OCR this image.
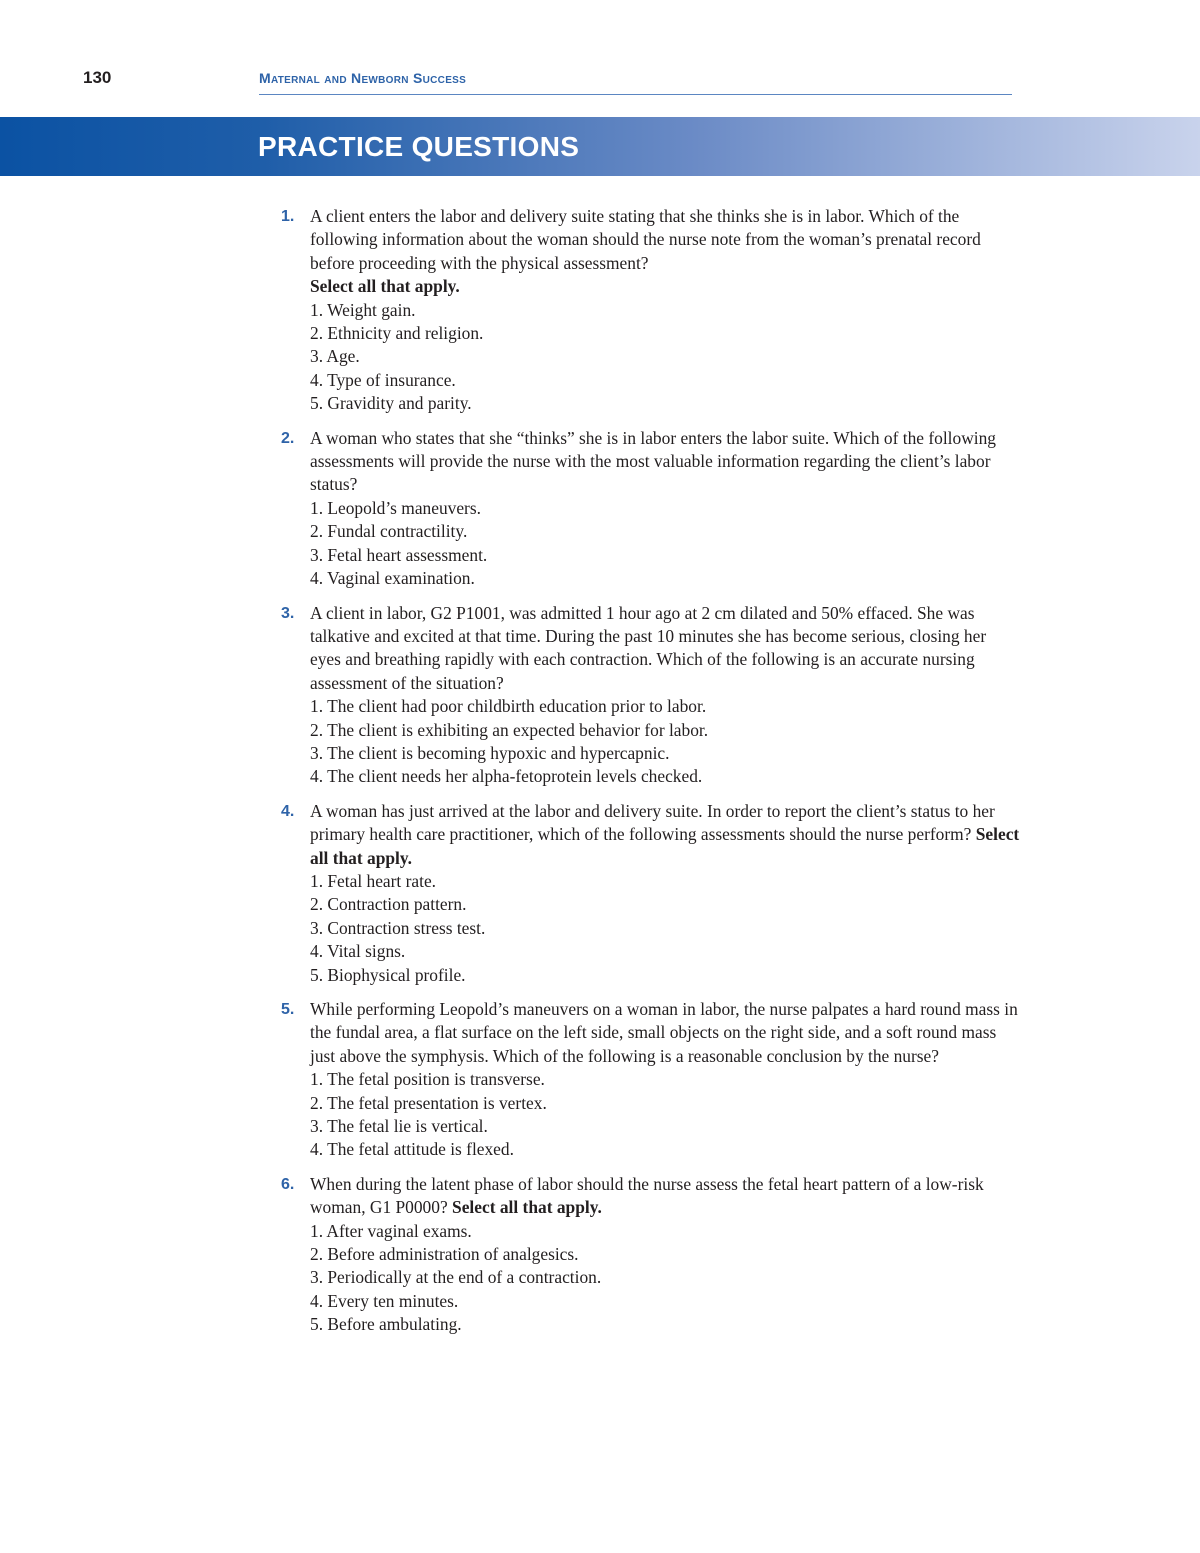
130	Maternal and Newborn Success
PRACTICE QUESTIONS
1. A client enters the labor and delivery suite stating that she thinks she is in labor. Which of the following information about the woman should the nurse note from the woman’s prenatal record before proceeding with the physical assessment?
Select all that apply.
1. Weight gain.
2. Ethnicity and religion.
3. Age.
4. Type of insurance.
5. Gravidity and parity.
2. A woman who states that she “thinks” she is in labor enters the labor suite. Which of the following assessments will provide the nurse with the most valuable information regarding the client’s labor status?
1. Leopold’s maneuvers.
2. Fundal contractility.
3. Fetal heart assessment.
4. Vaginal examination.
3. A client in labor, G2 P1001, was admitted 1 hour ago at 2 cm dilated and 50% effaced. She was talkative and excited at that time. During the past 10 minutes she has become serious, closing her eyes and breathing rapidly with each contraction. Which of the following is an accurate nursing assessment of the situation?
1. The client had poor childbirth education prior to labor.
2. The client is exhibiting an expected behavior for labor.
3. The client is becoming hypoxic and hypercapnic.
4. The client needs her alpha-fetoprotein levels checked.
4. A woman has just arrived at the labor and delivery suite. In order to report the client’s status to her primary health care practitioner, which of the following assessments should the nurse perform? Select all that apply.
1. Fetal heart rate.
2. Contraction pattern.
3. Contraction stress test.
4. Vital signs.
5. Biophysical profile.
5. While performing Leopold’s maneuvers on a woman in labor, the nurse palpates a hard round mass in the fundal area, a flat surface on the left side, small objects on the right side, and a soft round mass just above the symphysis. Which of the following is a reasonable conclusion by the nurse?
1. The fetal position is transverse.
2. The fetal presentation is vertex.
3. The fetal lie is vertical.
4. The fetal attitude is flexed.
6. When during the latent phase of labor should the nurse assess the fetal heart pattern of a low-risk woman, G1 P0000? Select all that apply.
1. After vaginal exams.
2. Before administration of analgesics.
3. Periodically at the end of a contraction.
4. Every ten minutes.
5. Before ambulating.
